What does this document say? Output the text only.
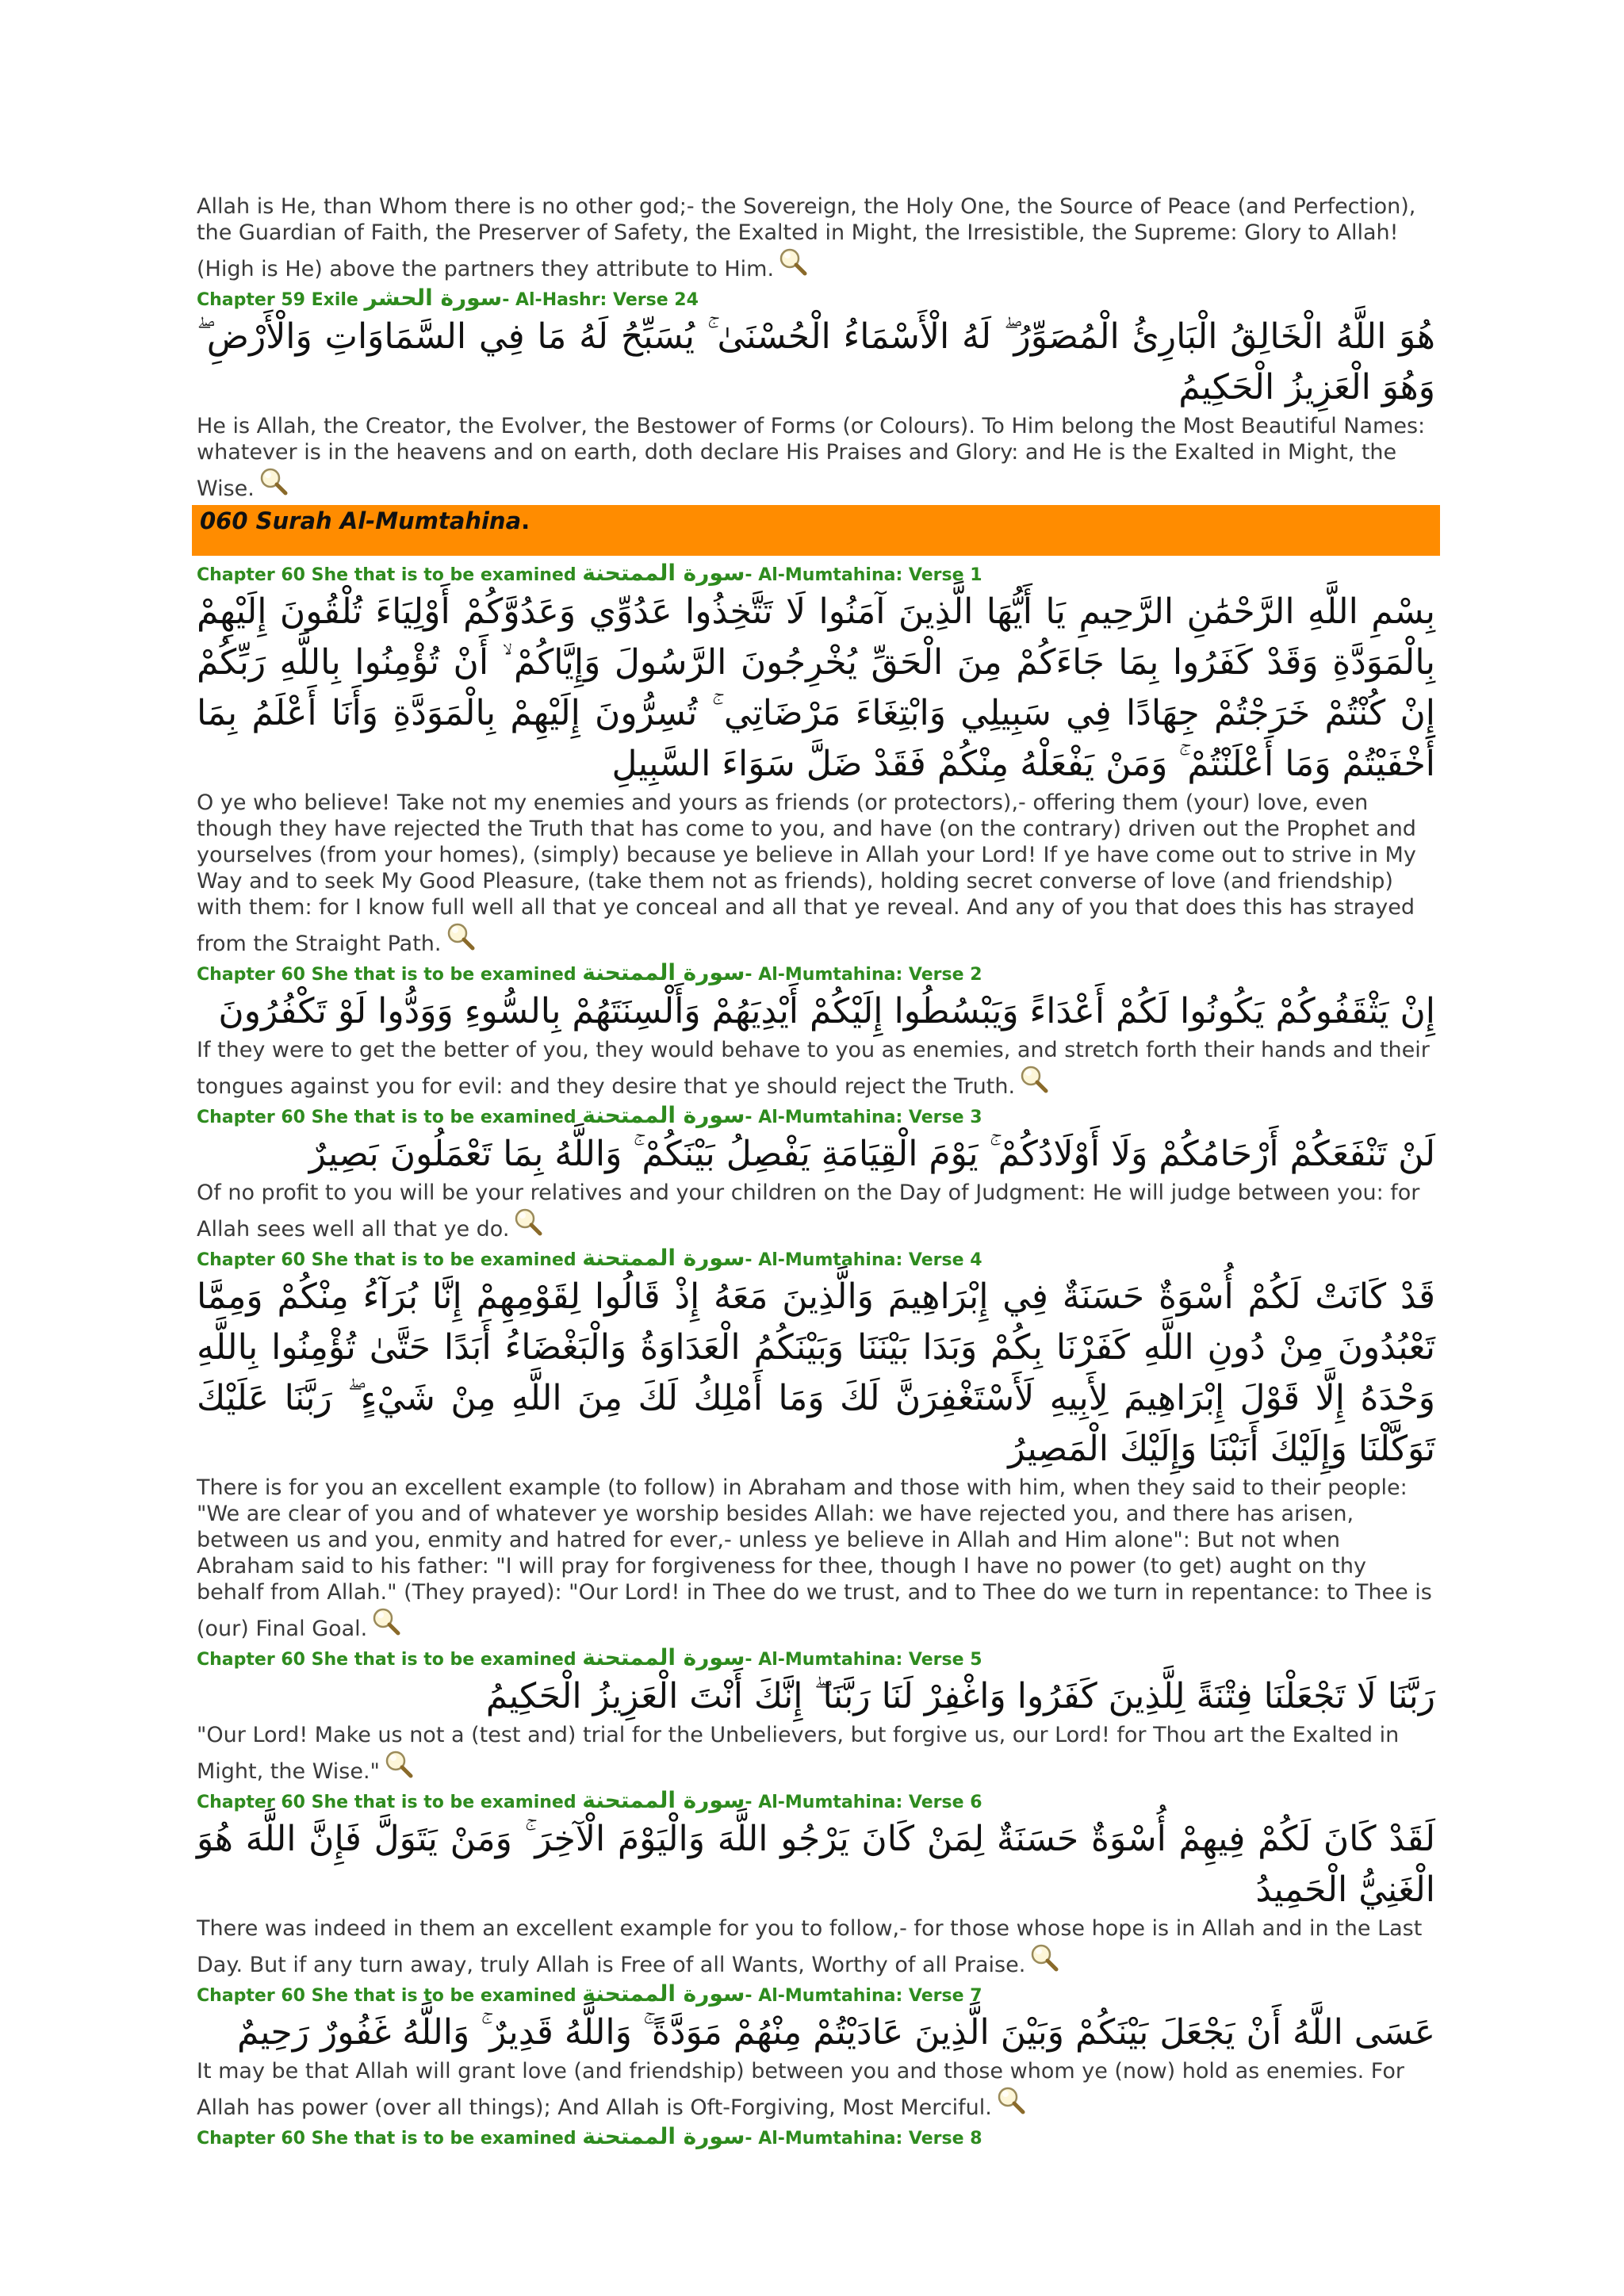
Allah is He, than Whom there is no other god;- the Sovereign, the Holy One, the Source of Peace (and Perfection), the Guardian of Faith, the Preserver of Safety, the Exalted in Might, the Irresistible, the Supreme: Glory to Allah! (High is He) above the partners they attribute to Him.

Chapter 59 Exile سورة الحشر- Al-Hashr: Verse 24

هُوَ اللَّهُ الْخَالِقُ الْبَارِئُ الْمُصَوِّرُ ۖ لَهُ الْأَسْمَاءُ الْحُسْنَىٰ ۚ يُسَبِّحُ لَهُ مَا فِي السَّمَاوَاتِ وَالْأَرْضِ ۖ وَهُوَ الْعَزِيزُ الْحَكِيمُ

He is Allah, the Creator, the Evolver, the Bestower of Forms (or Colours). To Him belong the Most Beautiful Names: whatever is in the heavens and on earth, doth declare His Praises and Glory: and He is the Exalted in Might, the Wise.

060 Surah Al-Mumtahina.
Chapter 60 She that is to be examined سورة الممتحنة- Al-Mumtahina: Verse 1

بِسْمِ اللَّهِ الرَّحْمَٰنِ الرَّحِيمِ يَا أَيُّهَا الَّذِينَ آمَنُوا لَا تَتَّخِذُوا عَدُوِّي وَعَدُوَّكُمْ أَوْلِيَاءَ تُلْقُونَ إِلَيْهِمْ بِالْمَوَدَّةِ وَقَدْ كَفَرُوا بِمَا جَاءَكُمْ مِنَ الْحَقِّ يُخْرِجُونَ الرَّسُولَ وَإِيَّاكُمْ ۙ أَنْ تُؤْمِنُوا بِاللَّهِ رَبِّكُمْ إِنْ كُنْتُمْ خَرَجْتُمْ جِهَادًا فِي سَبِيلِي وَابْتِغَاءَ مَرْضَاتِي ۚ تُسِرُّونَ إِلَيْهِمْ بِالْمَوَدَّةِ وَأَنَا أَعْلَمُ بِمَا أَخْفَيْتُمْ وَمَا أَعْلَنْتُمْ ۚ وَمَنْ يَفْعَلْهُ مِنْكُمْ فَقَدْ ضَلَّ سَوَاءَ السَّبِيلِ

O ye who believe! Take not my enemies and yours as friends (or protectors),- offering them (your) love, even though they have rejected the Truth that has come to you, and have (on the contrary) driven out the Prophet and yourselves (from your homes), (simply) because ye believe in Allah your Lord! If ye have come out to strive in My Way and to seek My Good Pleasure, (take them not as friends), holding secret converse of love (and friendship) with them: for I know full well all that ye conceal and all that ye reveal. And any of you that does this has strayed from the Straight Path.

Chapter 60 She that is to be examined سورة الممتحنة- Al-Mumtahina: Verse 2

إِنْ يَثْقَفُوكُمْ يَكُونُوا لَكُمْ أَعْدَاءً وَيَبْسُطُوا إِلَيْكُمْ أَيْدِيَهُمْ وَأَلْسِنَتَهُمْ بِالسُّوءِ وَوَدُّوا لَوْ تَكْفُرُونَ

If they were to get the better of you, they would behave to you as enemies, and stretch forth their hands and their tongues against you for evil: and they desire that ye should reject the Truth.

Chapter 60 She that is to be examined سورة الممتحنة- Al-Mumtahina: Verse 3

لَنْ تَنْفَعَكُمْ أَرْحَامُكُمْ وَلَا أَوْلَادُكُمْ ۚ يَوْمَ الْقِيَامَةِ يَفْصِلُ بَيْنَكُمْ ۚ وَاللَّهُ بِمَا تَعْمَلُونَ بَصِيرٌ

Of no profit to you will be your relatives and your children on the Day of Judgment: He will judge between you: for Allah sees well all that ye do.

Chapter 60 She that is to be examined سورة الممتحنة- Al-Mumtahina: Verse 4

قَدْ كَانَتْ لَكُمْ أُسْوَةٌ حَسَنَةٌ فِي إِبْرَاهِيمَ وَالَّذِينَ مَعَهُ إِذْ قَالُوا لِقَوْمِهِمْ إِنَّا بُرَآءُ مِنْكُمْ وَمِمَّا تَعْبُدُونَ مِنْ دُونِ اللَّهِ كَفَرْنَا بِكُمْ وَبَدَا بَيْنَنَا وَبَيْنَكُمُ الْعَدَاوَةُ وَالْبَغْضَاءُ أَبَدًا حَتَّىٰ تُؤْمِنُوا بِاللَّهِ وَحْدَهُ إِلَّا قَوْلَ إِبْرَاهِيمَ لِأَبِيهِ لَأَسْتَغْفِرَنَّ لَكَ وَمَا أَمْلِكُ لَكَ مِنَ اللَّهِ مِنْ شَيْءٍ ۖ رَبَّنَا عَلَيْكَ تَوَكَّلْنَا وَإِلَيْكَ أَنَبْنَا وَإِلَيْكَ الْمَصِيرُ

There is for you an excellent example (to follow) in Abraham and those with him, when they said to their people: "We are clear of you and of whatever ye worship besides Allah: we have rejected you, and there has arisen, between us and you, enmity and hatred for ever,- unless ye believe in Allah and Him alone": But not when Abraham said to his father: "I will pray for forgiveness for thee, though I have no power (to get) aught on thy behalf from Allah." (They prayed): "Our Lord! in Thee do we trust, and to Thee do we turn in repentance: to Thee is (our) Final Goal.

Chapter 60 She that is to be examined سورة الممتحنة- Al-Mumtahina: Verse 5

رَبَّنَا لَا تَجْعَلْنَا فِتْنَةً لِلَّذِينَ كَفَرُوا وَاغْفِرْ لَنَا رَبَّنَا ۖ إِنَّكَ أَنْتَ الْعَزِيزُ الْحَكِيمُ

"Our Lord! Make us not a (test and) trial for the Unbelievers, but forgive us, our Lord! for Thou art the Exalted in Might, the Wise."

Chapter 60 She that is to be examined سورة الممتحنة- Al-Mumtahina: Verse 6

لَقَدْ كَانَ لَكُمْ فِيهِمْ أُسْوَةٌ حَسَنَةٌ لِمَنْ كَانَ يَرْجُو اللَّهَ وَالْيَوْمَ الْآخِرَ ۚ وَمَنْ يَتَوَلَّ فَإِنَّ اللَّهَ هُوَ الْغَنِيُّ الْحَمِيدُ

There was indeed in them an excellent example for you to follow,- for those whose hope is in Allah and in the Last Day. But if any turn away, truly Allah is Free of all Wants, Worthy of all Praise.

Chapter 60 She that is to be examined سورة الممتحنة- Al-Mumtahina: Verse 7

عَسَى اللَّهُ أَنْ يَجْعَلَ بَيْنَكُمْ وَبَيْنَ الَّذِينَ عَادَيْتُمْ مِنْهُمْ مَوَدَّةً ۚ وَاللَّهُ قَدِيرٌ ۚ وَاللَّهُ غَفُورٌ رَحِيمٌ

It may be that Allah will grant love (and friendship) between you and those whom ye (now) hold as enemies. For Allah has power (over all things); And Allah is Oft-Forgiving, Most Merciful.

Chapter 60 She that is to be examined سورة الممتحنة- Al-Mumtahina: Verse 8
